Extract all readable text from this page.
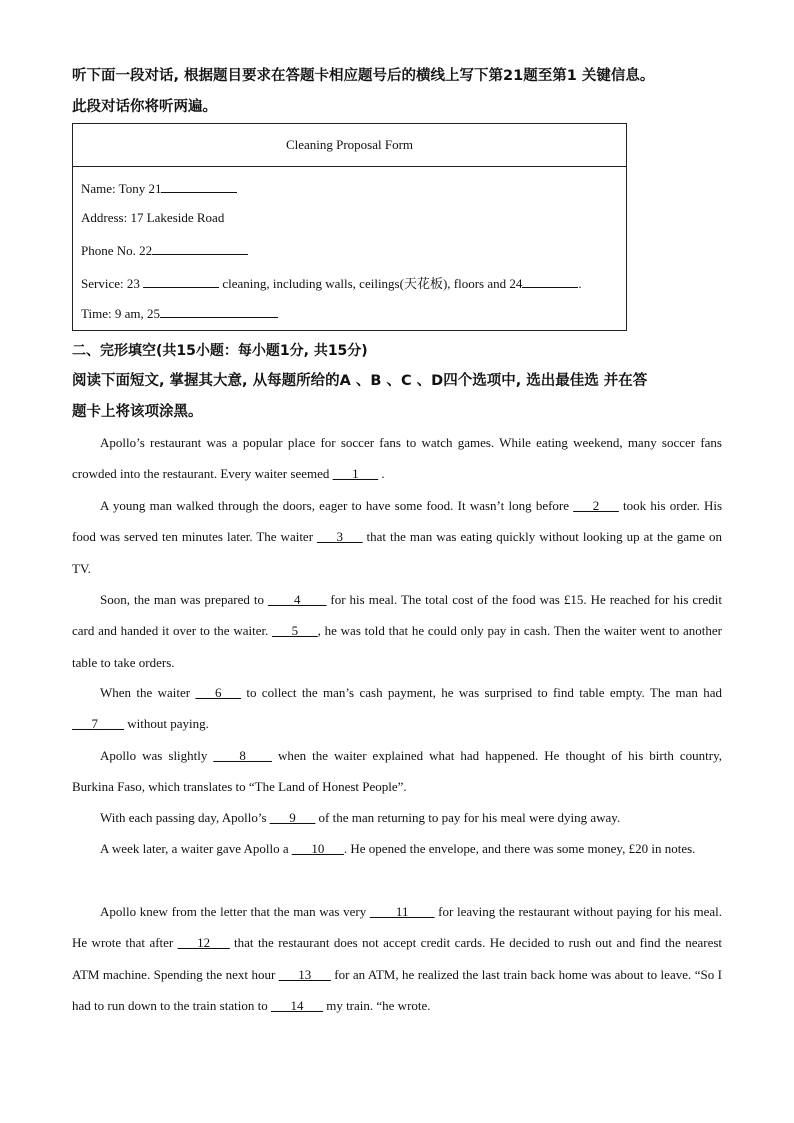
听下面一段对话, 根据题目要求在答题卡相应题号后的横线上写下第21题至第1 关键信息。
此段对话你将听两遍。
Cleaning Proposal Form
Name: Tony 21
Address: 17 Lakeside Road
Phone No. 22
Service: 23	cleaning, including walls, ceilings(天花板), floors and 24	.
Time: 9 am, 25
二、完形填空(共15小题：每小题1分, 共15分)
阅读下面短文, 掌握其大意, 从每题所给的A 、B 、C 、D四个选项中, 选出最佳选 并在答
题卡上将该项涂黑。
Apollo’s restaurant was a popular place for soccer fans to watch games. While eating weekend, many soccer fans crowded into the restaurant. Every waiter seemed ___1___ .
A young man walked through the doors, eager to have some food. It wasn’t long before ___2___ took his order. His food was served ten minutes later. The waiter ___3___ that the man was eating quickly without looking up at the game on TV.
Soon, the man was prepared to ____4____ for his meal. The total cost of the food was £15. He reached for his credit card and handed it over to the waiter. ___5___, he was told that he could only pay in cash. Then the waiter went to another table to take orders.
When the waiter ___6___ to collect the man’s cash payment, he was surprised to find table empty. The man had ___7____ without paying.
Apollo was slightly ____8____ when the waiter explained what had happened. He thought of his birth country, Burkina Faso, which translates to “The Land of Honest People”.
With each passing day, Apollo’s ___9___ of the man returning to pay for his meal were dying away.
A week later, a waiter gave Apollo a ___10___. He opened the envelope, and there was some money, £20 in notes.
Apollo knew from the letter that the man was very ____11____ for leaving the restaurant without paying for his meal. He wrote that after ___12___ that the restaurant does not accept credit cards. He decided to rush out and find the nearest ATM machine. Spending the next hour ___13___ for an ATM, he realized the last train back home was about to leave. “So I had to run down to the train station to ___14___ my train. “he wrote.
